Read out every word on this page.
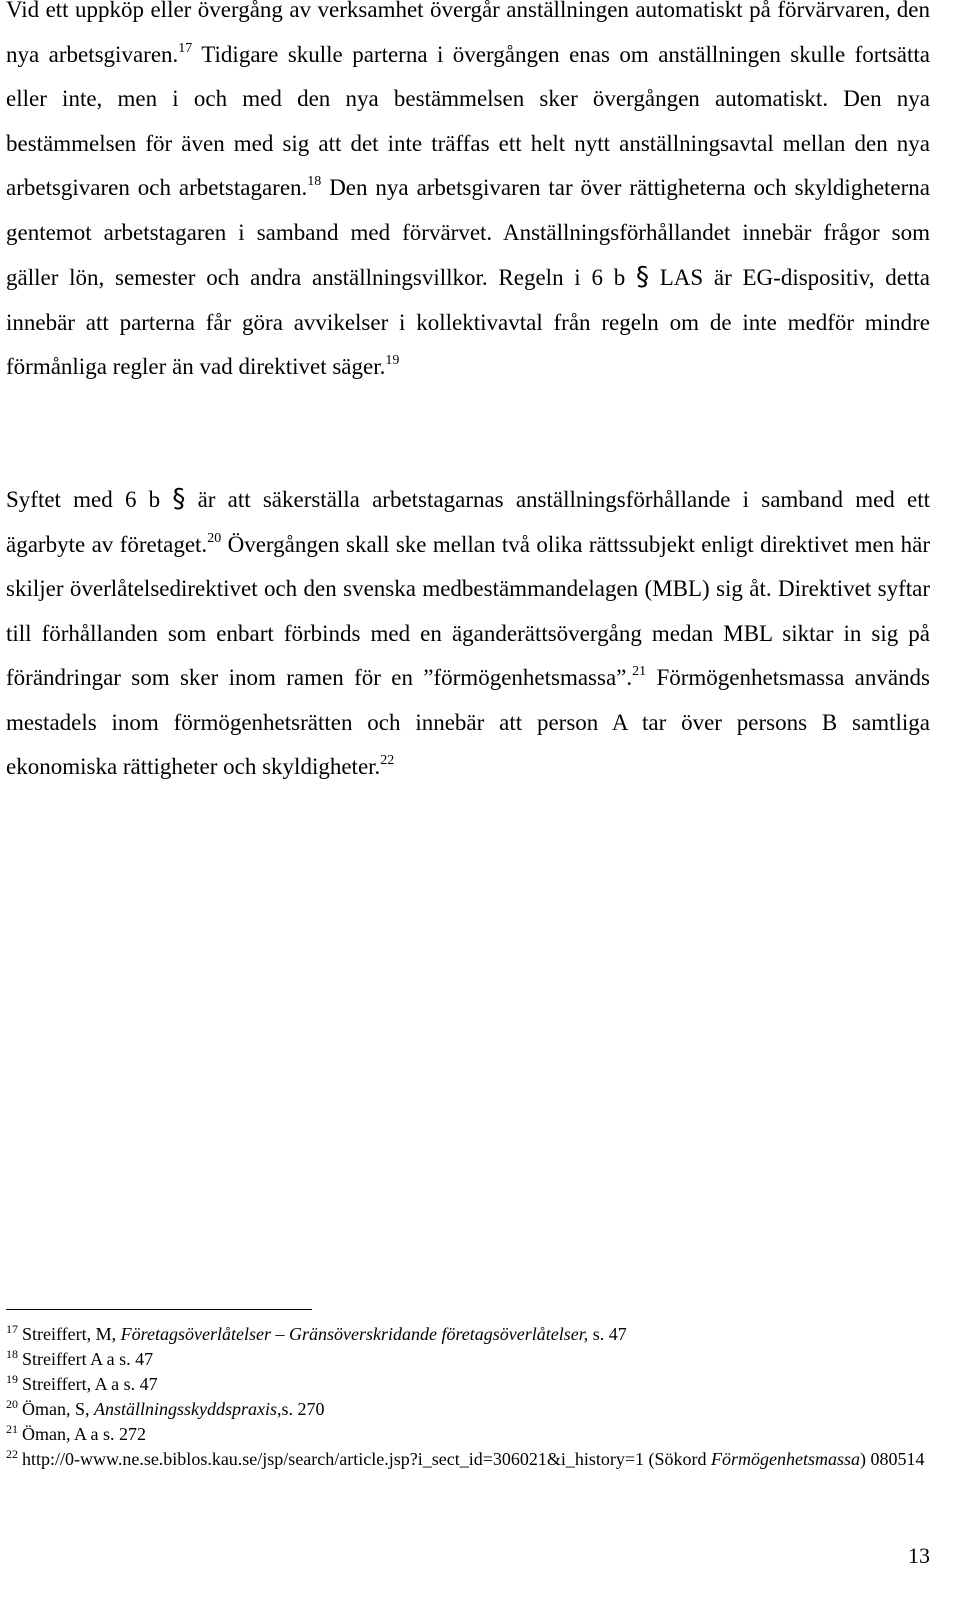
Vid ett uppköp eller övergång av verksamhet övergår anställningen automatiskt på förvärvaren, den nya arbetsgivaren.$^{17}$ Tidigare skulle parterna i övergången enas om anställningen skulle fortsätta eller inte, men i och med den nya bestämmelsen sker övergången automatiskt. Den nya bestämmelsen för även med sig att det inte träffas ett helt nytt anställningsavtal mellan den nya arbetsgivaren och arbetstagaren.$^{18}$ Den nya arbetsgivaren tar över rättigheterna och skyldigheterna gentemot arbetstagaren i samband med förvärvet. Anställningsförhållandet innebär frågor som gäller lön, semester och andra anställningsvillkor. Regeln i 6 b § LAS är EG-dispositiv, detta innebär att parterna får göra avvikelser i kollektivavtal från regeln om de inte medför mindre förmånliga regler än vad direktivet säger.$^{19}$

Syftet med 6 b § är att säkerställa arbetstagarnas anställningsförhållande i samband med ett ägarbyte av företaget.$^{20}$ Övergången skall ske mellan två olika rättssubjekt enligt direktivet men här skiljer överlåtelsedirektivet och den svenska medbestämmandelagen (MBL) sig åt. Direktivet syftar till förhållanden som enbart förbinds med en äganderättsövergång medan MBL siktar in sig på förändringar som sker inom ramen för en ”förmögenhetsmassa”.$^{21}$ Förmögenhetsmassa används mestadels inom förmögenhetsrätten och innebär att person A tar över persons B samtliga ekonomiska rättigheter och skyldigheter.$^{22}$

$^{17}$ Streiffert, M, Företagsöverlåtelser – Gränsöverskridande företagsöverlåtelser, s. 47

$^{18}$ Streiffert A a s. 47

$^{19}$ Streiffert, A a s. 47

$^{20}$ Öman, S, Anställningsskyddspraxis,s. 270

$^{21}$ Öman, A a s. 272

$^{22}$ http://0-www.ne.se.biblos.kau.se/jsp/search/article.jsp?i_sect_id=306021&i_history=1 (Sökord Förmögenhetsmassa) 080514

13
